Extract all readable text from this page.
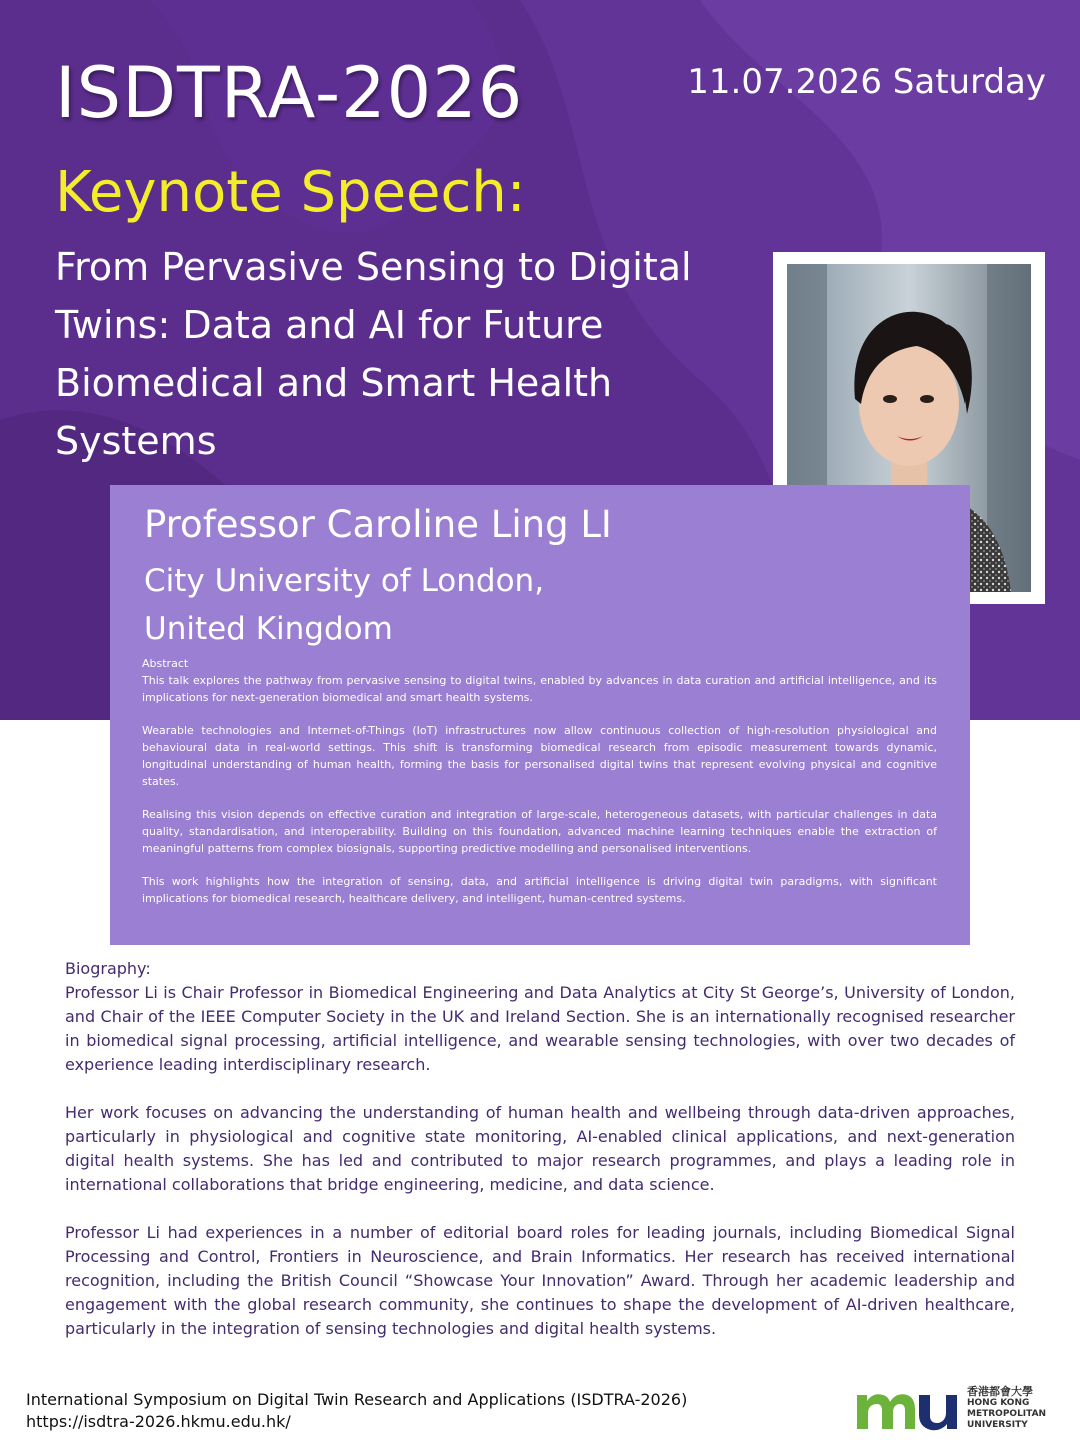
ISDTRA-2026	11.07.2026 Saturday
Keynote Speech:
From Pervasive Sensing to Digital Twins: Data and AI for Future Biomedical and Smart Health Systems
Professor Caroline Ling LI
City University of London,
United Kingdom

Abstract

This talk explores the pathway from pervasive sensing to digital twins, enabled by advances in data curation and artificial intelligence, and its implications for next-generation biomedical and smart health systems.

Wearable technologies and Internet-of-Things (IoT) infrastructures now allow continuous collection of high-resolution physiological and behavioural data in real-world settings. This shift is transforming biomedical research from episodic measurement towards dynamic, longitudinal understanding of human health, forming the basis for personalised digital twins that represent evolving physical and cognitive states.

Realising this vision depends on effective curation and integration of large-scale, heterogeneous datasets, with particular challenges in data quality, standardisation, and interoperability. Building on this foundation, advanced machine learning techniques enable the extraction of meaningful patterns from complex biosignals, supporting predictive modelling and personalised interventions.

This work highlights how the integration of sensing, data, and artificial intelligence is driving digital twin paradigms, with significant implications for biomedical research, healthcare delivery, and intelligent, human-centred systems.

Biography:

Professor Li is Chair Professor in Biomedical Engineering and Data Analytics at City St George’s, University of London, and Chair of the IEEE Computer Society in the UK and Ireland Section. She is an internationally recognised researcher in biomedical signal processing, artificial intelligence, and wearable sensing technologies, with over two decades of experience leading interdisciplinary research.

Her work focuses on advancing the understanding of human health and wellbeing through data-driven approaches, particularly in physiological and cognitive state monitoring, AI-enabled clinical applications, and next-generation digital health systems. She has led and contributed to major research programmes, and plays a leading role in international collaborations that bridge engineering, medicine, and data science.

Professor Li had experiences in a number of editorial board roles for leading journals, including Biomedical Signal Processing and Control, Frontiers in Neuroscience, and Brain Informatics. Her research has received international recognition, including the British Council “Showcase Your Innovation” Award. Through her academic leadership and engagement with the global research community, she continues to shape the development of AI-driven healthcare, particularly in the integration of sensing technologies and digital health systems.

International Symposium on Digital Twin Research and Applications (ISDTRA-2026)
https://isdtra-2026.hkmu.edu.hk/
香港都會大學
HONG KONG
METROPOLITAN
UNIVERSITY
